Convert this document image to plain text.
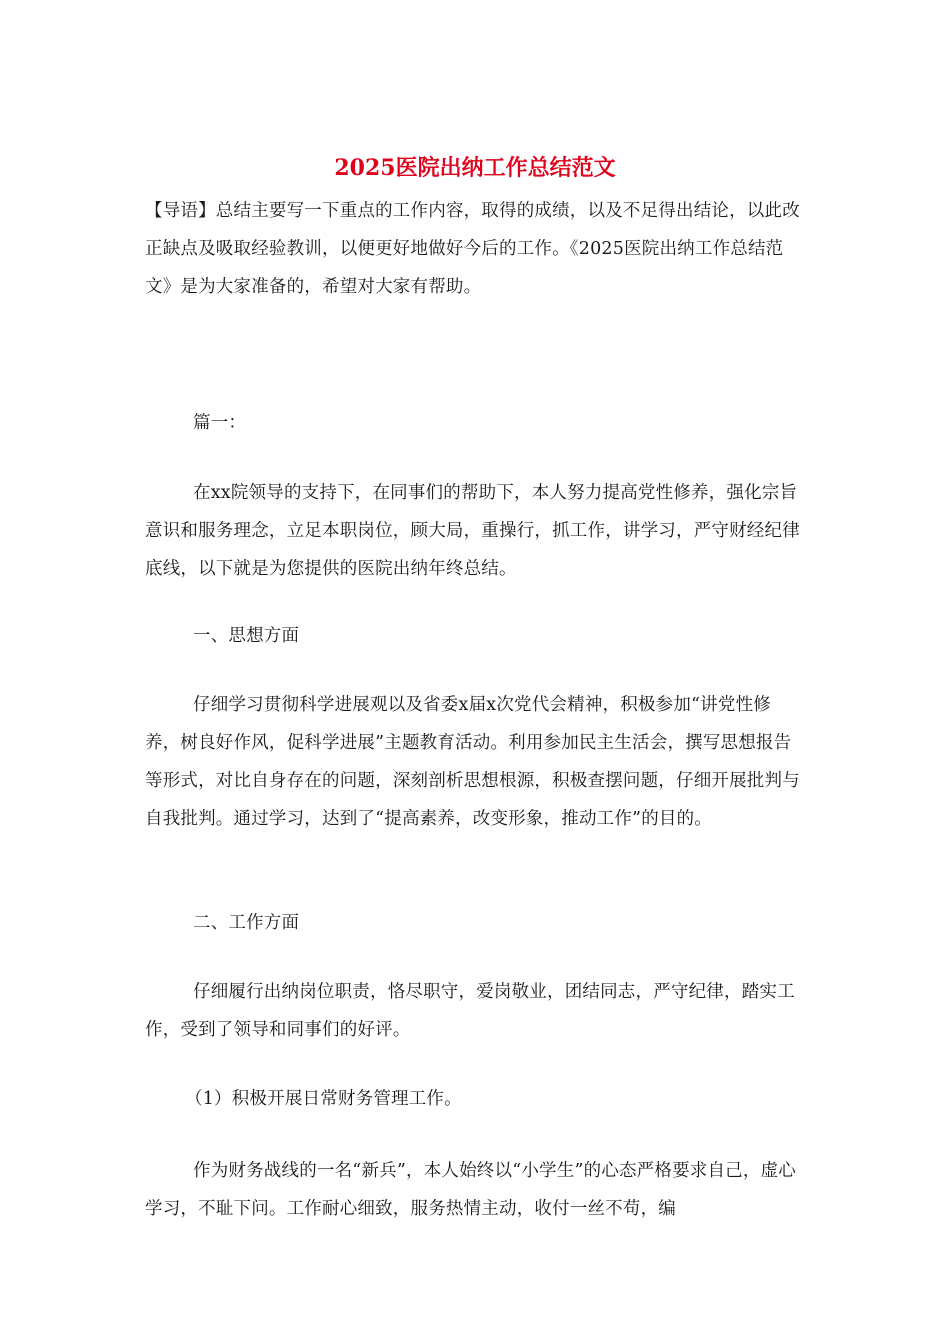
2025医院出纳工作总结范文

【导语】总结主要写一下重点的工作内容，取得的成绩，以及不足得出结论，以此改正缺点及吸取经验教训，以便更好地做好今后的工作。《2025医院出纳工作总结范文》是为大家准备的，希望对大家有帮助。

篇一：

在xx院领导的支持下，在同事们的帮助下，本人努力提高党性修养，强化宗旨意识和服务理念，立足本职岗位，顾大局，重操行，抓工作，讲学习，严守财经纪律底线，以下就是为您提供的医院出纳年终总结。

一、思想方面

仔细学习贯彻科学进展观以及省委x届x次党代会精神，积极参加“讲党性修养，树良好作风，促科学进展”主题教育活动。利用参加民主生活会，撰写思想报告等形式，对比自身存在的问题，深刻剖析思想根源，积极查摆问题，仔细开展批判与自我批判。通过学习，达到了“提高素养，改变形象，推动工作”的目的。

二、工作方面

仔细履行出纳岗位职责，恪尽职守，爱岗敬业，团结同志，严守纪律，踏实工作，受到了领导和同事们的好评。

（1）积极开展日常财务管理工作。

作为财务战线的一名“新兵”，本人始终以“小学生”的心态严格要求自己，虚心学习，不耻下问。工作耐心细致，服务热情主动，收付一丝不苟，编
